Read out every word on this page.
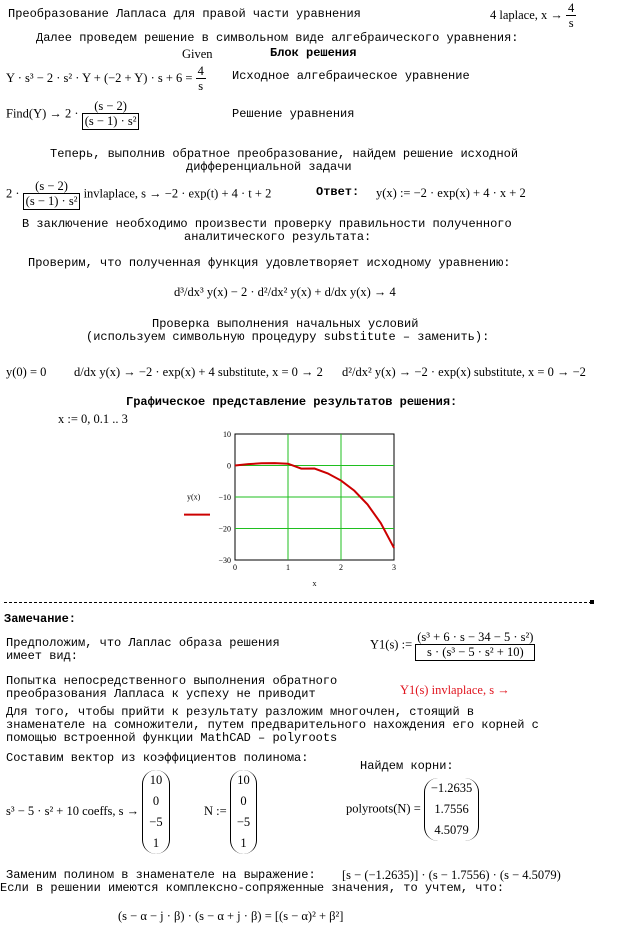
Преобразование Лапласа для правой части уравнения	4 laplace, $x \to \frac{4}{s}$
Далее проведем решение в символьном виде алгебраического уравнения:
Given	Блок решения
$Y \cdot s^3 - 2 \cdot s^2 \cdot Y + (-2 + Y) \cdot s + 6 = \frac{4}{s}$ Исходное алгебраическое уравнение
Find(Y) → $2 \cdot \frac{(s - 2)}{\text{(s − 1) · s²}}$	Решение уравнения
Теперь, выполнив обратное преобразование, найдем решение исходной
дифференциальной задачи
$2 \cdot \frac{(s - 2)}{\text{(s − 1) · s²}}$ invlaplace, s → −2 · exp(t) + 4 · t + 2	Ответ: y(x) := −2 · exp(x) + 4 · x + 2
В заключение необходимо произвести проверку правильности полученного
аналитического результата:
Проверим, что полученная функция удовлетворяет исходному уравнению:
d³/dx³ y(x) − 2 · d²/dx² y(x) + d/dx y(x) → 4
Проверка выполнения начальных условий
(используем символьную процедуру substitute – заменить):
y(0) = 0 d/dx y(x) → −2 · exp(x) + 4 substitute, x = 0 → 2 d²/dx² y(x) → −2 · exp(x) substitute, x = 0 → −2
Графическое представление результатов решения:
x := 0, 0.1 .. 3
10
0
−10
−20
−30
0	1	2	3
y(x)
x
Замечание:
Предположим, что Лаплас образа решения
имеет вид:
Y1(s) := $\frac{\text{(s³ + 6 · s − 34 − 5 · s²)}}{\text{s · (s³ − 5 · s² + 10)}}$
Попытка непосредственного выполнения обратного
преобразования Лапласа к успеху не приводит	Y1(s) invlaplace, s →
Для того, чтобы прийти к результату разложим многочлен, стоящий в
знаменателе на сомножители, путем предварительного нахождения его корней с
помощью встроенной функции MathCAD – polyroots
Составим вектор из коэффициентов полинома:
Найдем корни:
s³ − 5 · s² + 10 coeffs, s →
10
0
−5
1
N :=
10
0
−5
1
polyroots(N) =
−1.2635
1.7556
4.5079
Заменим полином в знаменателе на выражение: [s − (−1.2635)] · (s − 1.7556) · (s − 4.5079)
Если в решении имеются комплексно-сопряженные значения, то учтем, что:
(s − α − j · β) · (s − α + j · β) = [(s − α)² + β²]
